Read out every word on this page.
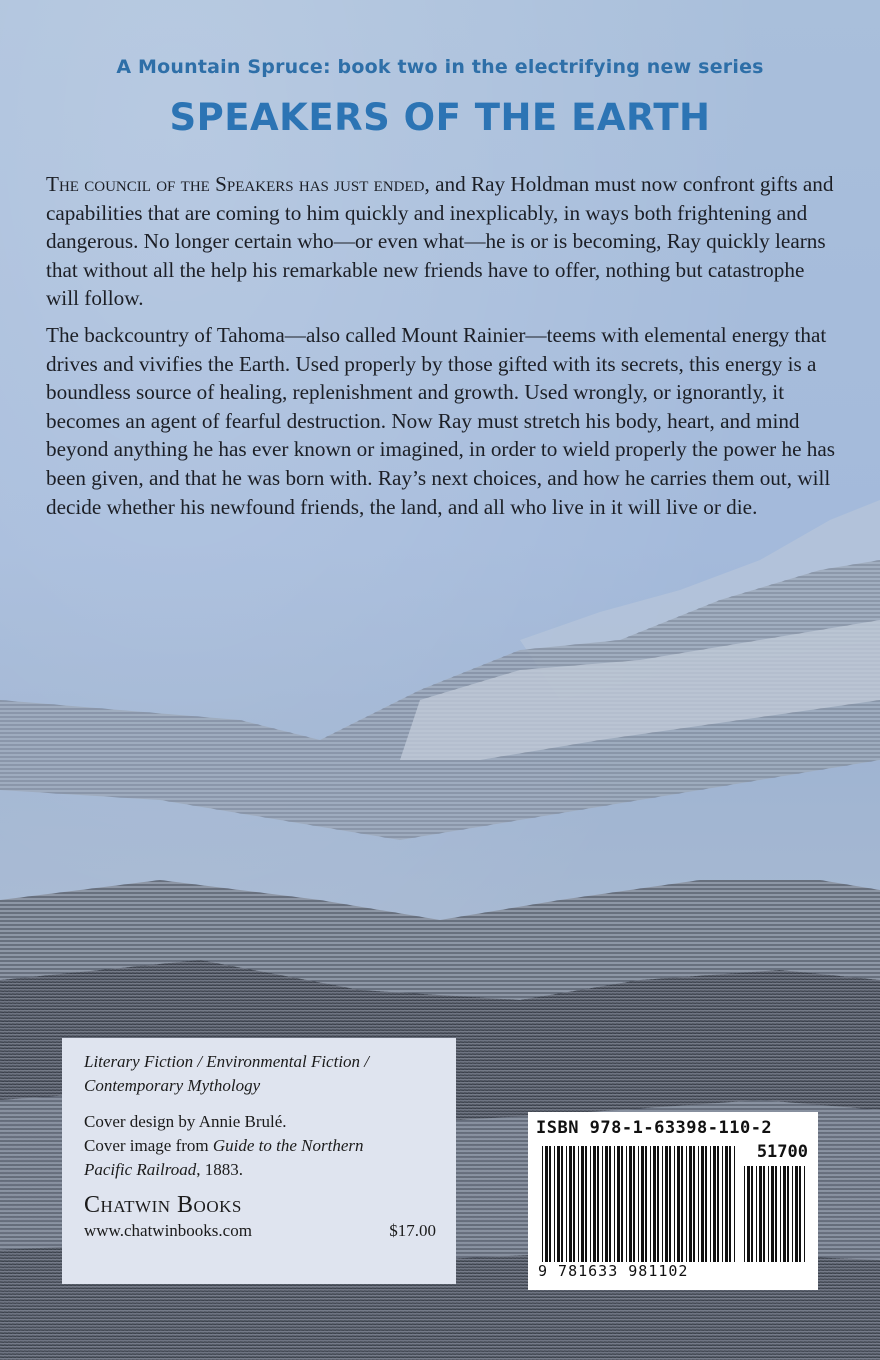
A Mountain Spruce: book two in the electrifying new series
SPEAKERS OF THE EARTH

The council of the Speakers has just ended, and Ray Holdman must now confront gifts and capabilities that are coming to him quickly and inexplicably, in ways both frightening and dangerous. No longer certain who—or even what—he is or is becoming, Ray quickly learns that without all the help his remarkable new friends have to offer, nothing but catastrophe will follow.

The backcountry of Tahoma—also called Mount Rainier—teems with elemental energy that drives and vivifies the Earth. Used properly by those gifted with its secrets, this energy is a boundless source of healing, replenishment and growth. Used wrongly, or ignorantly, it becomes an agent of fearful destruction. Now Ray must stretch his body, heart, and mind beyond anything he has ever known or imagined, in order to wield properly the power he has been given, and that he was born with. Ray’s next choices, and how he carries them out, will decide whether his newfound friends, the land, and all who live in it will live or die.

Literary Fiction / Environmental Fiction /
Contemporary Mythology
Cover design by Annie Brulé.
Cover image from Guide to the Northern
Pacific Railroad, 1883.
Chatwin Books
www.chatwinbooks.com	$17.00
ISBN 978-1-63398-110-2
51700
9 781633 981102
